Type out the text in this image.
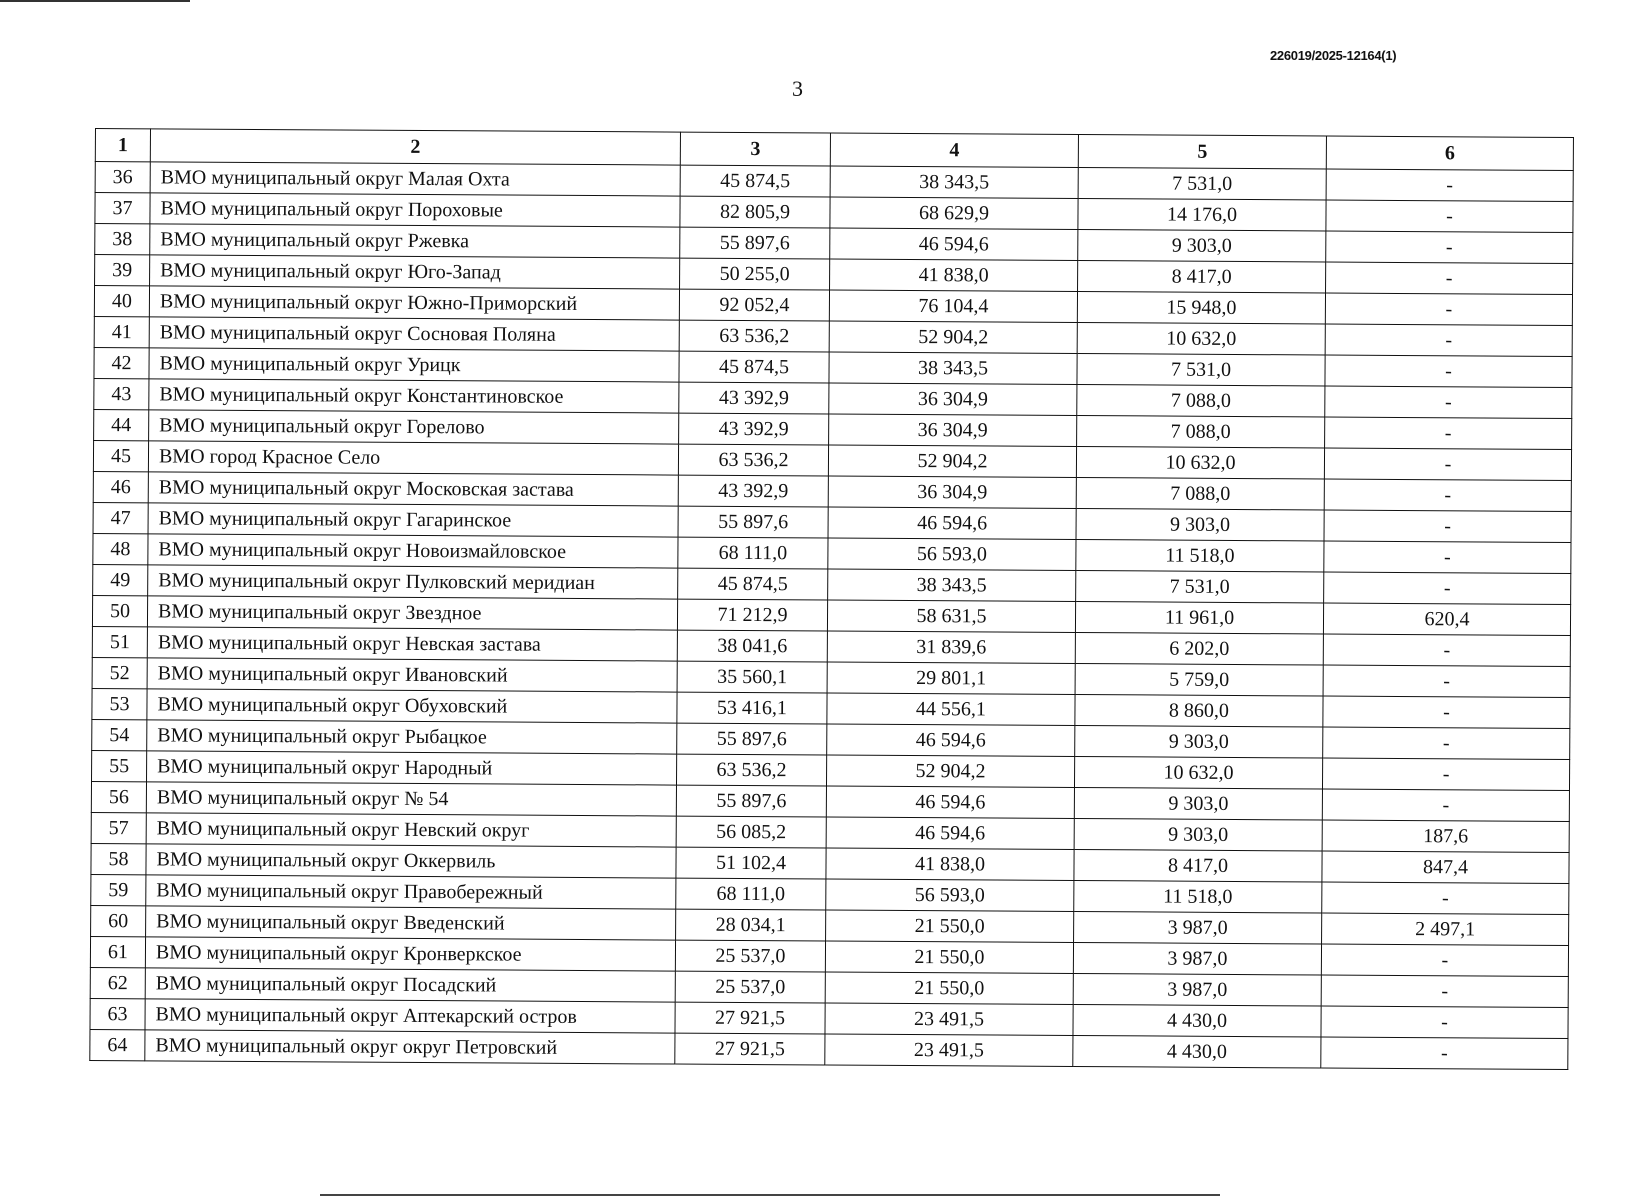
226019/2025-12164(1)
3
1	2	3	4	5	6
36	ВМО муниципальный округ Малая Охта	45 874,5	38 343,5	7 531,0	-
37	ВМО муниципальный округ Пороховые	82 805,9	68 629,9	14 176,0	-
38	ВМО муниципальный округ Ржевка	55 897,6	46 594,6	9 303,0	-
39	ВМО муниципальный округ Юго-Запад	50 255,0	41 838,0	8 417,0	-
40	ВМО муниципальный округ Южно-Приморский	92 052,4	76 104,4	15 948,0	-
41	ВМО муниципальный округ Сосновая Поляна	63 536,2	52 904,2	10 632,0	-
42	ВМО муниципальный округ Урицк	45 874,5	38 343,5	7 531,0	-
43	ВМО муниципальный округ Константиновское	43 392,9	36 304,9	7 088,0	-
44	ВМО муниципальный округ Горелово	43 392,9	36 304,9	7 088,0	-
45	ВМО город Красное Село	63 536,2	52 904,2	10 632,0	-
46	ВМО муниципальный округ Московская застава	43 392,9	36 304,9	7 088,0	-
47	ВМО муниципальный округ Гагаринское	55 897,6	46 594,6	9 303,0	-
48	ВМО муниципальный округ Новоизмайловское	68 111,0	56 593,0	11 518,0	-
49	ВМО муниципальный округ Пулковский меридиан	45 874,5	38 343,5	7 531,0	-
50	ВМО муниципальный округ Звездное	71 212,9	58 631,5	11 961,0	620,4
51	ВМО муниципальный округ Невская застава	38 041,6	31 839,6	6 202,0	-
52	ВМО муниципальный округ Ивановский	35 560,1	29 801,1	5 759,0	-
53	ВМО муниципальный округ Обуховский	53 416,1	44 556,1	8 860,0	-
54	ВМО муниципальный округ Рыбацкое	55 897,6	46 594,6	9 303,0	-
55	ВМО муниципальный округ Народный	63 536,2	52 904,2	10 632,0	-
56	ВМО муниципальный округ № 54	55 897,6	46 594,6	9 303,0	-
57	ВМО муниципальный округ Невский округ	56 085,2	46 594,6	9 303,0	187,6
58	ВМО муниципальный округ Оккервиль	51 102,4	41 838,0	8 417,0	847,4
59	ВМО муниципальный округ Правобережный	68 111,0	56 593,0	11 518,0	-
60	ВМО муниципальный округ Введенский	28 034,1	21 550,0	3 987,0	2 497,1
61	ВМО муниципальный округ Кронверкское	25 537,0	21 550,0	3 987,0	-
62	ВМО муниципальный округ Посадский	25 537,0	21 550,0	3 987,0	-
63	ВМО муниципальный округ Аптекарский остров	27 921,5	23 491,5	4 430,0	-
64	ВМО муниципальный округ округ Петровский	27 921,5	23 491,5	4 430,0	-
